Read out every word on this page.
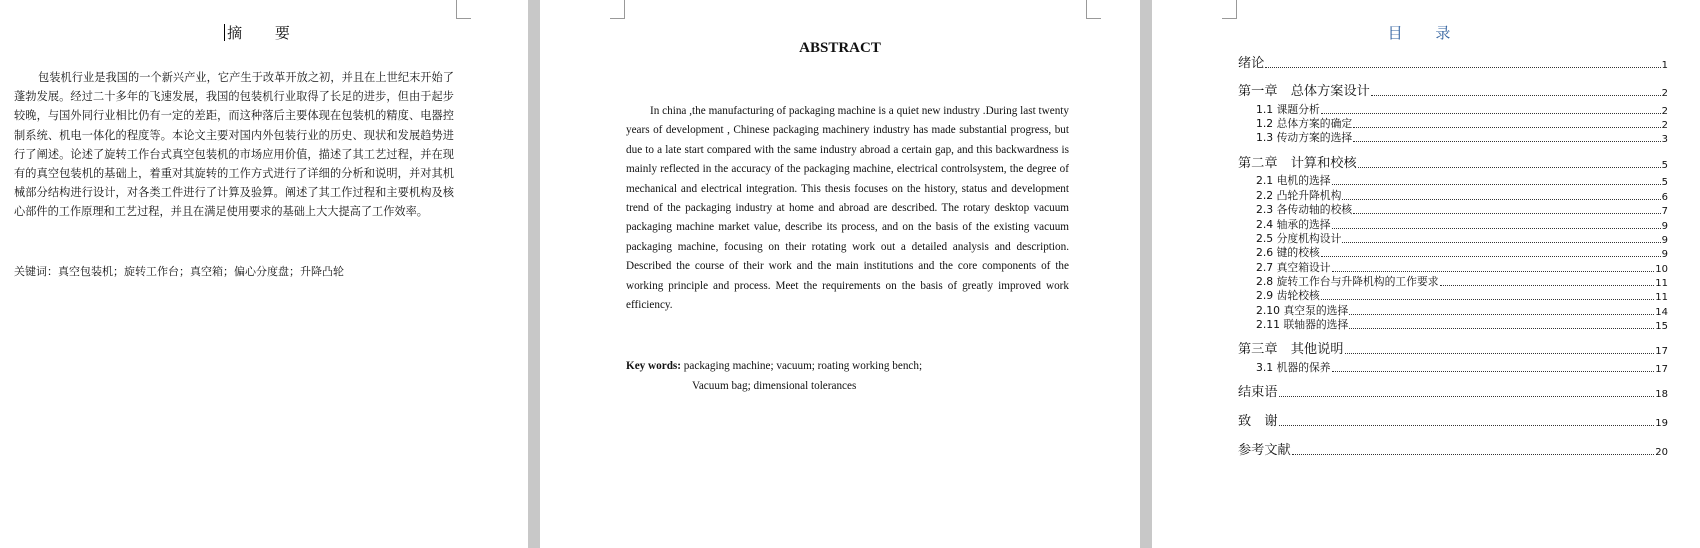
摘 要

包装机行业是我国的一个新兴产业，它产生于改革开放之初，并且在上世纪末开始了蓬勃发展。经过二十多年的飞速发展，我国的包装机行业取得了长足的进步，但由于起步较晚，与国外同行业相比仍有一定的差距，而这种落后主要体现在包装机的精度、电器控制系统、机电一体化的程度等。本论文主要对国内外包装行业的历史、现状和发展趋势进行了阐述。论述了旋转工作台式真空包装机的市场应用价值，描述了其工艺过程，并在现有的真空包装机的基础上，着重对其旋转的工作方式进行了详细的分析和说明，并对其机械部分结构进行设计，对各类工件进行了计算及验算。阐述了其工作过程和主要机构及核心部件的工作原理和工艺过程，并且在满足使用要求的基础上大大提高了工作效率。

关键词：真空包装机；旋转工作台；真空箱；偏心分度盘；升降凸轮
ABSTRACT

In china ,the manufacturing of packaging machine is a quiet new industry .During last twenty years of development , Chinese packaging machinery industry has made substantial progress, but due to a late start compared with the same industry abroad a certain gap, and this backwardness is mainly reflected in the accuracy of the packaging machine, electrical controlsystem, the degree of mechanical and electrical integration. This thesis focuses on the history, status and development trend of the packaging industry at home and abroad are described. The rotary desktop vacuum packaging machine market value, describe its process, and on the basis of the existing vacuum packaging machine, focusing on their rotating work out a detailed analysis and description. Described the course of their work and the main institutions and the core components of the working principle and process. Meet the requirements on the basis of greatly improved work efficiency.

Key words: packaging machine; vacuum; roating working bench;
Vacuum bag; dimensional tolerances
目 录
绪论	1
第一章　总体方案设计	2
1.1 课题分析	2
1.2 总体方案的确定	2
1.3 传动方案的选择	3
第二章　计算和校核	5
2.1 电机的选择	5
2.2 凸轮升降机构	6
2.3 各传动轴的校核	7
2.4 轴承的选择	9
2.5 分度机构设计	9
2.6 键的校核	9
2.7 真空箱设计	10
2.8 旋转工作台与升降机构的工作要求	11
2.9 齿轮校核	11
2.10 真空泵的选择	14
2.11 联轴器的选择	15
第三章　其他说明	17
3.1 机器的保养	17
结束语	18
致　谢	19
参考文献	20
